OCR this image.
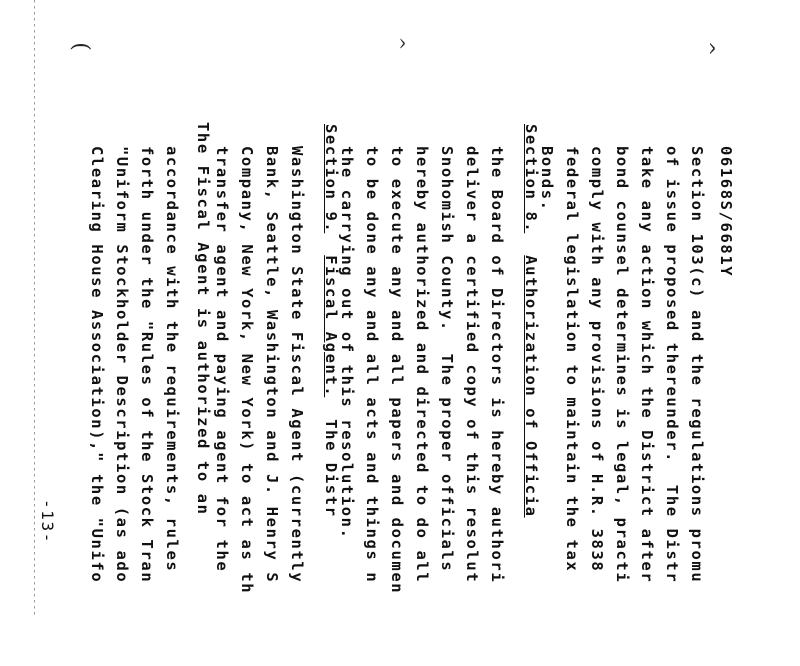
(	^	^
06168S/6681Y
Section 103(c) and the regulations promu
of issue proposed thereunder.  The Distr
take any action which the District after
bond counsel determines is legal, practi
comply with any provisions of H.R. 3838
federal legislation to maintain the tax
Bonds.
Section 8.  Authorization of Officia
the Board of Directors is hereby authori
deliver a certified copy of this resolut
Snohomish County.  The proper officials
hereby authorized and directed to do all
to execute any and all papers and documen
to be done any and all acts and things n
the carrying out of this resolution.
Section 9.  Fiscal Agent.  The Distr
Washington State Fiscal Agent (currently
Bank, Seattle, Washington and J. Henry S
Company, New York, New York) to act as th
transfer agent and paying agent for the
The Fiscal Agent is authorized to an
accordance with the requirements, rules
forth under the "Rules of the Stock Tran
"Uniform Stockholder Description (as ado
Clearing House Association)," the "Unifo
-13-
